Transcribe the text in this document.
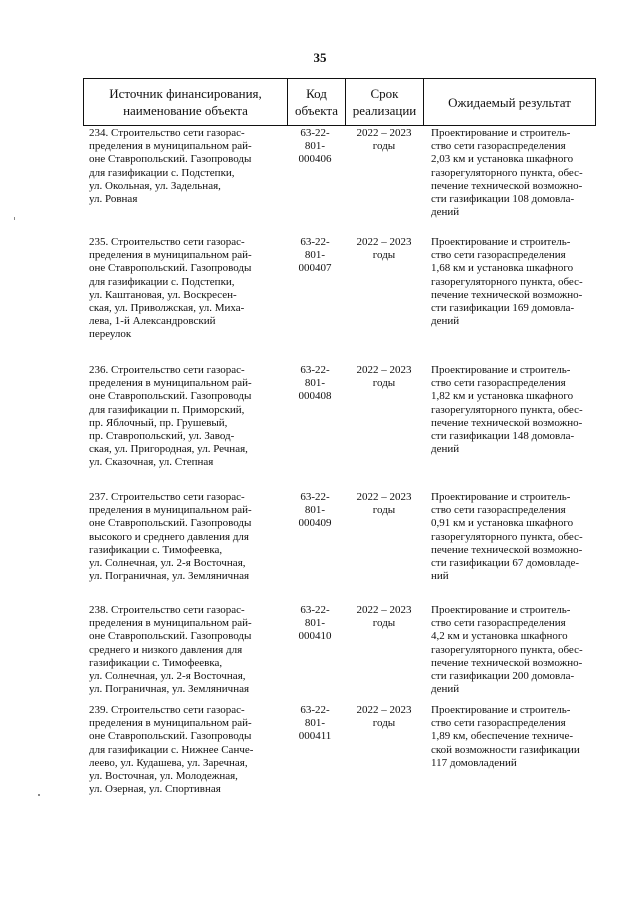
35
Источник финансирования,
наименование объекта
Код
объекта
Срок
реализации
Ожидаемый результат
234. Строительство сети газорас-
пределения в муниципальном рай-
оне Ставропольский. Газопроводы
для газификации с. Подстепки,
ул. Окольная, ул. Задельная,
ул. Ровная
63-22-
801-
000406
2022 – 2023
годы
Проектирование и строитель-
ство сети газораспределения
2,03 км и установка шкафного
газорегуляторного пункта, обес-
печение технической возможно-
сти газификации 108 домовла-
дений
235. Строительство сети газорас-
пределения в муниципальном рай-
оне Ставропольский. Газопроводы
для газификации с. Подстепки,
ул. Каштановая, ул. Воскресен-
ская, ул. Приволжская, ул. Миха-
лева, 1-й Александровский
переулок
63-22-
801-
000407
2022 – 2023
годы
Проектирование и строитель-
ство сети газораспределения
1,68 км и установка шкафного
газорегуляторного пункта, обес-
печение технической возможно-
сти газификации 169 домовла-
дений
236. Строительство сети газорас-
пределения в муниципальном рай-
оне Ставропольский. Газопроводы
для газификации п. Приморский,
пр. Яблочный, пр. Грушевый,
пр. Ставропольский, ул. Завод-
ская, ул. Пригородная, ул. Речная,
ул. Сказочная, ул. Степная
63-22-
801-
000408
2022 – 2023
годы
Проектирование и строитель-
ство сети газораспределения
1,82 км и установка шкафного
газорегуляторного пункта, обес-
печение технической возможно-
сти газификации 148 домовла-
дений
237. Строительство сети газорас-
пределения в муниципальном рай-
оне Ставропольский. Газопроводы
высокого и среднего давления для
газификации с. Тимофеевка,
ул. Солнечная, ул. 2-я Восточная,
ул. Пограничная, ул. Земляничная
63-22-
801-
000409
2022 – 2023
годы
Проектирование и строитель-
ство сети газораспределения
0,91 км и установка шкафного
газорегуляторного пункта, обес-
печение технической возможно-
сти газификации 67 домовладе-
ний
238. Строительство сети газорас-
пределения в муниципальном рай-
оне Ставропольский. Газопроводы
среднего и низкого давления для
газификации с. Тимофеевка,
ул. Солнечная, ул. 2-я Восточная,
ул. Пограничная, ул. Земляничная
63-22-
801-
000410
2022 – 2023
годы
Проектирование и строитель-
ство сети газораспределения
4,2 км и установка шкафного
газорегуляторного пункта, обес-
печение технической возможно-
сти газификации 200 домовла-
дений
239. Строительство сети газорас-
пределения в муниципальном рай-
оне Ставропольский. Газопроводы
для газификации с. Нижнее Санче-
леево, ул. Кудашева, ул. Заречная,
ул. Восточная, ул. Молодежная,
ул. Озерная, ул. Спортивная
63-22-
801-
000411
2022 – 2023
годы
Проектирование и строитель-
ство сети газораспределения
1,89 км, обеспечение техниче-
ской возможности газификации
117 домовладений
